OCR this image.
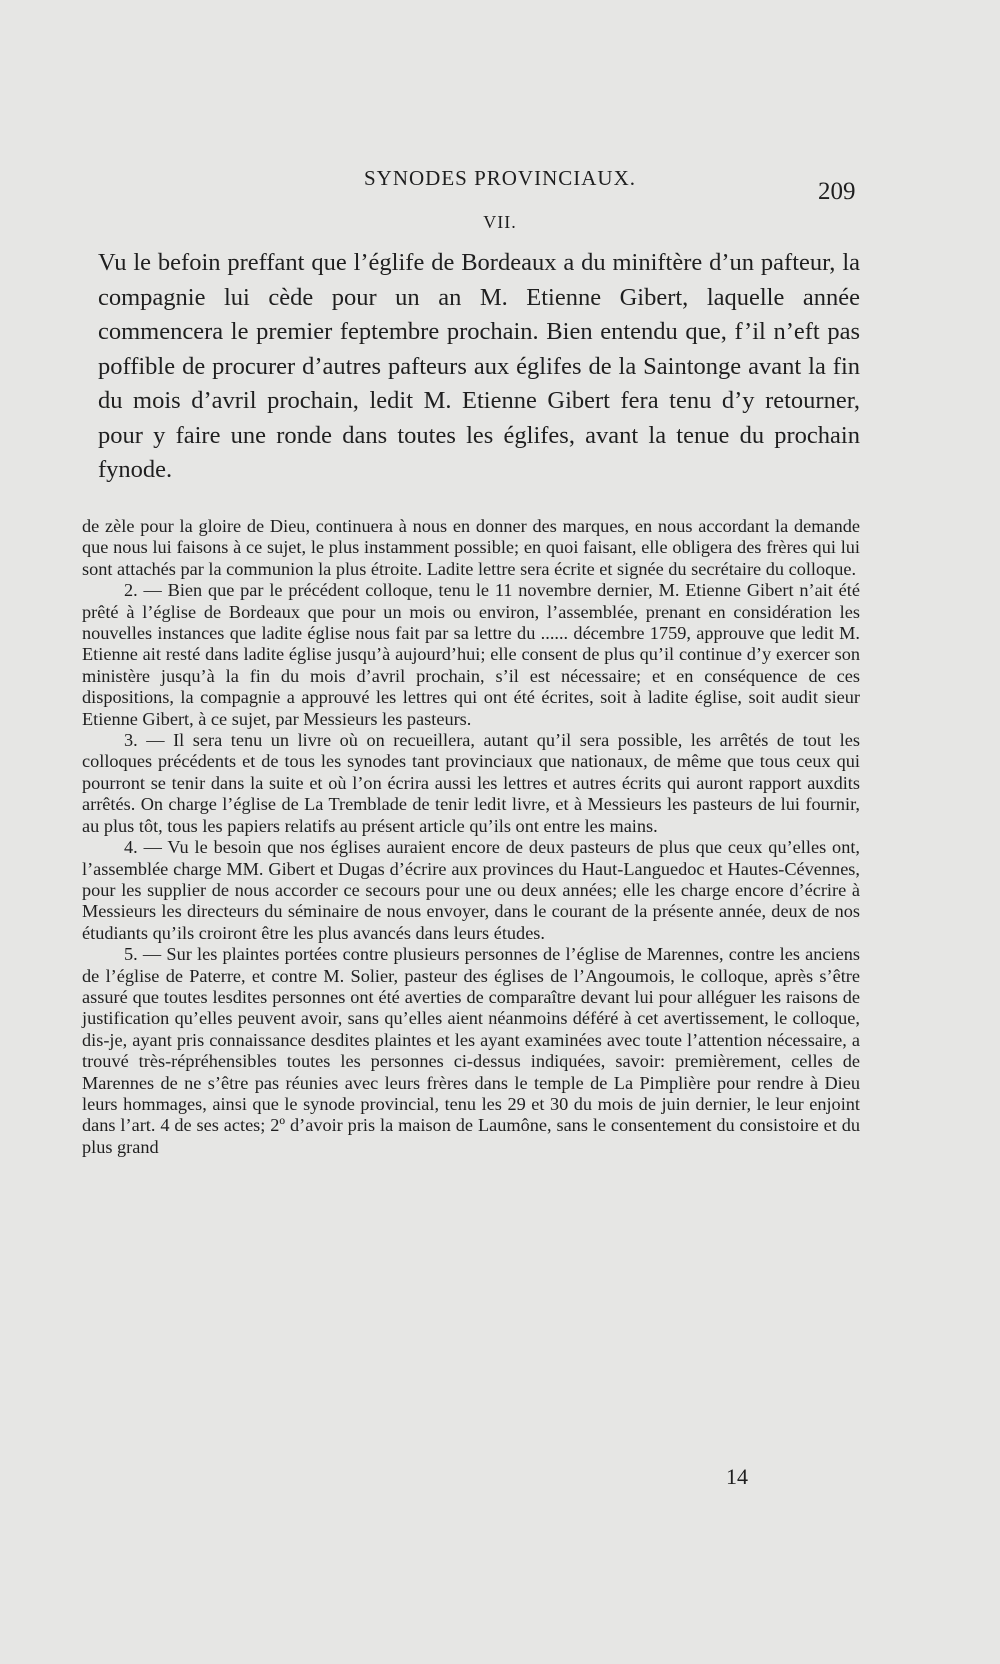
SYNODES PROVINCIAUX.	209
VII.

Vu le befoin preffant que l’églife de Bordeaux a du miniftère d’un pafteur, la compagnie lui cède pour un an M. Etienne Gibert, laquelle année commencera le premier feptembre prochain. Bien entendu que, f’il n’eft pas poffible de procurer d’autres pafteurs aux églifes de la Saintonge avant la fin du mois d’avril prochain, ledit M. Etienne Gibert fera tenu d’y retourner, pour y faire une ronde dans toutes les églifes, avant la tenue du prochain fynode.

de zèle pour la gloire de Dieu, continuera à nous en donner des marques, en nous accordant la demande que nous lui faisons à ce sujet, le plus instamment possible; en quoi faisant, elle obligera des frères qui lui sont attachés par la communion la plus étroite. Ladite lettre sera écrite et signée du secrétaire du colloque.

2. — Bien que par le précédent colloque, tenu le 11 novembre dernier, M. Etienne Gibert n’ait été prêté à l’église de Bordeaux que pour un mois ou environ, l’assemblée, prenant en considération les nouvelles instances que ladite église nous fait par sa lettre du ...... décembre 1759, approuve que ledit M. Etienne ait resté dans ladite église jusqu’à aujourd’hui; elle consent de plus qu’il continue d’y exercer son ministère jusqu’à la fin du mois d’avril prochain, s’il est nécessaire; et en conséquence de ces dispositions, la compagnie a approuvé les lettres qui ont été écrites, soit à ladite église, soit audit sieur Etienne Gibert, à ce sujet, par Messieurs les pasteurs.

3. — Il sera tenu un livre où on recueillera, autant qu’il sera possible, les arrêtés de tout les colloques précédents et de tous les synodes tant provinciaux que nationaux, de même que tous ceux qui pourront se tenir dans la suite et où l’on écrira aussi les lettres et autres écrits qui auront rapport auxdits arrêtés. On charge l’église de La Tremblade de tenir ledit livre, et à Messieurs les pasteurs de lui fournir, au plus tôt, tous les papiers relatifs au présent article qu’ils ont entre les mains.

4. — Vu le besoin que nos églises auraient encore de deux pasteurs de plus que ceux qu’elles ont, l’assemblée charge MM. Gibert et Dugas d’écrire aux provinces du Haut-Languedoc et Hautes-Cévennes, pour les supplier de nous accorder ce secours pour une ou deux années; elle les charge encore d’écrire à Messieurs les directeurs du séminaire de nous envoyer, dans le courant de la présente année, deux de nos étudiants qu’ils croiront être les plus avancés dans leurs études.

5. — Sur les plaintes portées contre plusieurs personnes de l’église de Marennes, contre les anciens de l’église de Paterre, et contre M. Solier, pasteur des églises de l’Angoumois, le colloque, après s’être assuré que toutes lesdites personnes ont été averties de comparaître devant lui pour alléguer les raisons de justification qu’elles peuvent avoir, sans qu’elles aient néanmoins déféré à cet avertissement, le colloque, dis-je, ayant pris connaissance desdites plaintes et les ayant examinées avec toute l’attention nécessaire, a trouvé très-répréhensibles toutes les personnes ci-dessus indiquées, savoir: premièrement, celles de Marennes de ne s’être pas réunies avec leurs frères dans le temple de La Pimplière pour rendre à Dieu leurs hommages, ainsi que le synode provincial, tenu les 29 et 30 du mois de juin dernier, le leur enjoint dans l’art. 4 de ses actes; 2º d’avoir pris la maison de Laumône, sans le consentement du consistoire et du plus grand

14
